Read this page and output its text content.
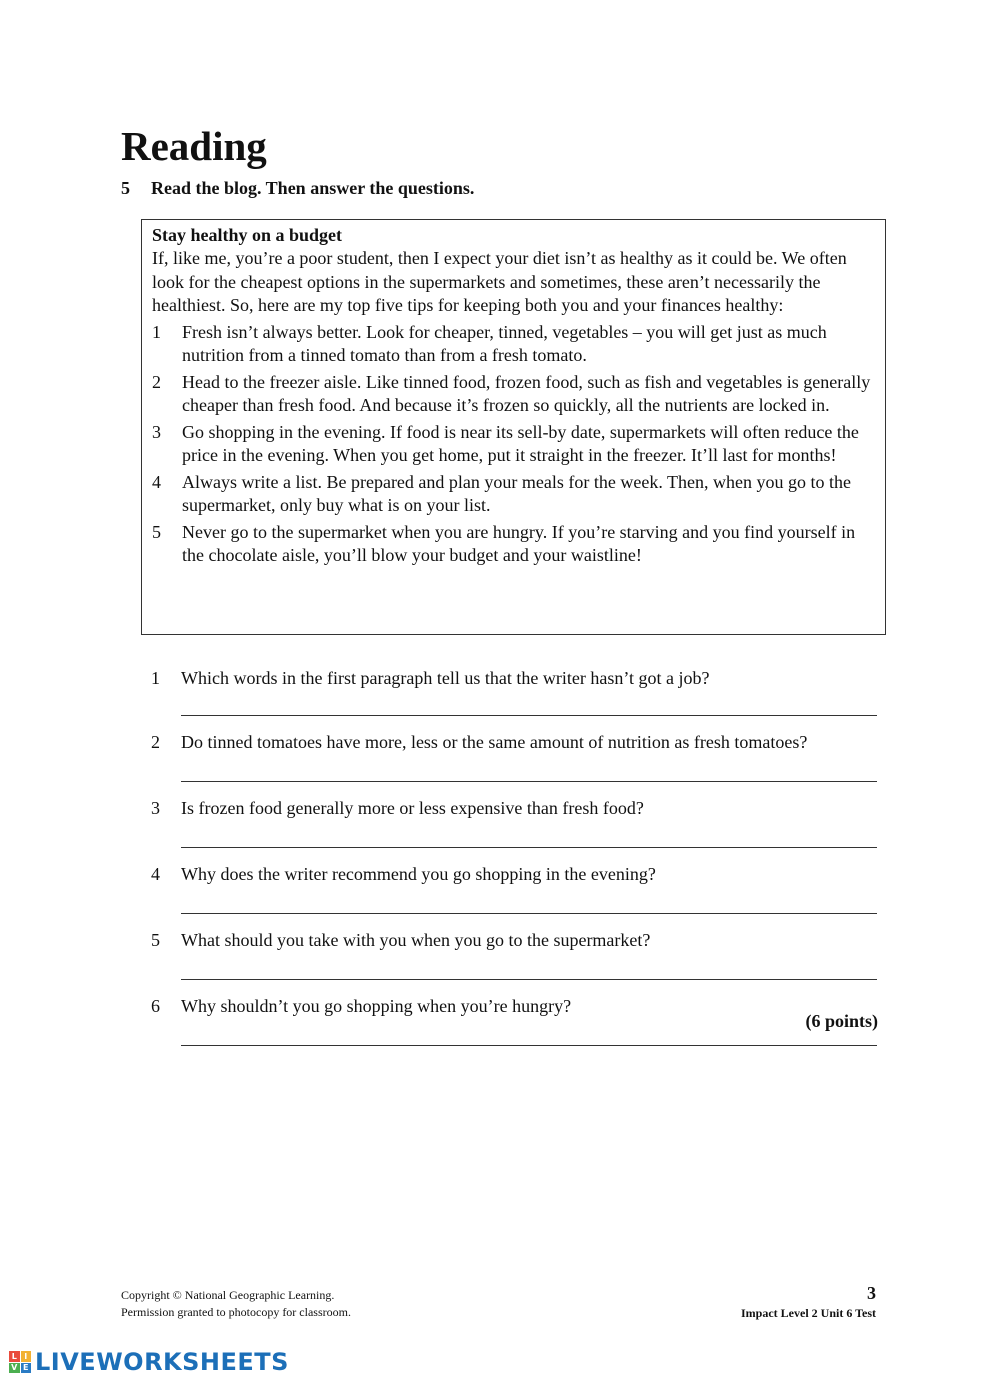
Reading
5 Read the blog. Then answer the questions.
Stay healthy on a budget
If, like me, you’re a poor student, then I expect your diet isn’t as healthy as it could be. We often look for the cheapest options in the supermarkets and sometimes, these aren’t necessarily the healthiest. So, here are my top five tips for keeping both you and your finances healthy:
1	Fresh isn’t always better. Look for cheaper, tinned, vegetables – you will get just as much nutrition from a tinned tomato than from a fresh tomato.
2	Head to the freezer aisle. Like tinned food, frozen food, such as fish and vegetables is generally cheaper than fresh food. And because it’s frozen so quickly, all the nutrients are locked in.
3	Go shopping in the evening. If food is near its sell-by date, supermarkets will often reduce the price in the evening. When you get home, put it straight in the freezer. It’ll last for months!
4	Always write a list. Be prepared and plan your meals for the week. Then, when you go to the supermarket, only buy what is on your list.
5	Never go to the supermarket when you are hungry. If you’re starving and you find yourself in the chocolate aisle, you’ll blow your budget and your waistline!
1	Which words in the first paragraph tell us that the writer hasn’t got a job?
2	Do tinned tomatoes have more, less or the same amount of nutrition as fresh tomatoes?
3	Is frozen food generally more or less expensive than fresh food?
4	Why does the writer recommend you go shopping in the evening?
5	What should you take with you when you go to the supermarket?
6	Why shouldn’t you go shopping when you’re hungry?
(6 points)
Copyright © National Geographic Learning.
Permission granted to photocopy for classroom.
3
Impact Level 2 Unit 6 Test
L I
V E LIVEWORKSHEETS
